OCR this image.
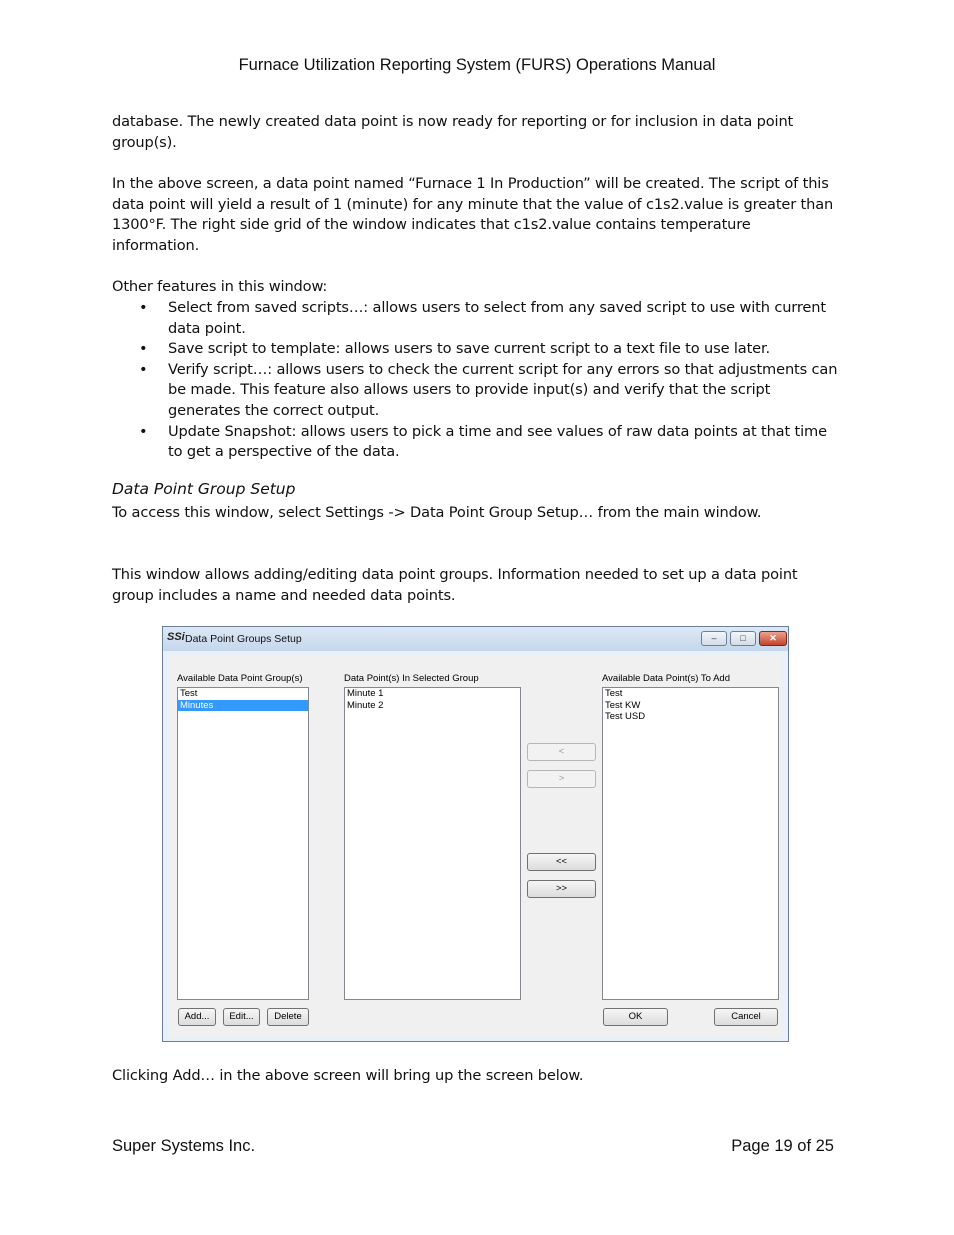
Furnace Utilization Reporting System (FURS) Operations Manual
database. The newly created data point is now ready for reporting or for inclusion in data point group(s).
In the above screen, a data point named “Furnace 1 In Production” will be created. The script of this data point will yield a result of 1 (minute) for any minute that the value of c1s2.value is greater than 1300°F. The right side grid of the window indicates that c1s2.value contains temperature information.
Other features in this window:
• Select from saved scripts…: allows users to select from any saved script to use with current data point.
• Save script to template: allows users to save current script to a text file to use later.
• Verify script…: allows users to check the current script for any errors so that adjustments can be made. This feature also allows users to provide input(s) and verify that the script generates the correct output.
• Update Snapshot: allows users to pick a time and see values of raw data points at that time to get a perspective of the data.
Data Point Group Setup
To access this window, select Settings -> Data Point Group Setup… from the main window.
This window allows adding/editing data point groups. Information needed to set up a data point group includes a name and needed data points.
SSi Data Point Groups Setup	–	□	✕
Available Data Point Group(s)
Test
Minutes
Data Point(s) In Selected Group
Minute 1
Minute 2
<
>
<<
>>
Available Data Point(s) To Add
Test
Test KW
Test USD
Add...	Edit...	Delete	OK	Cancel
Clicking Add… in the above screen will bring up the screen below.
Super Systems Inc.	Page 19 of 25
